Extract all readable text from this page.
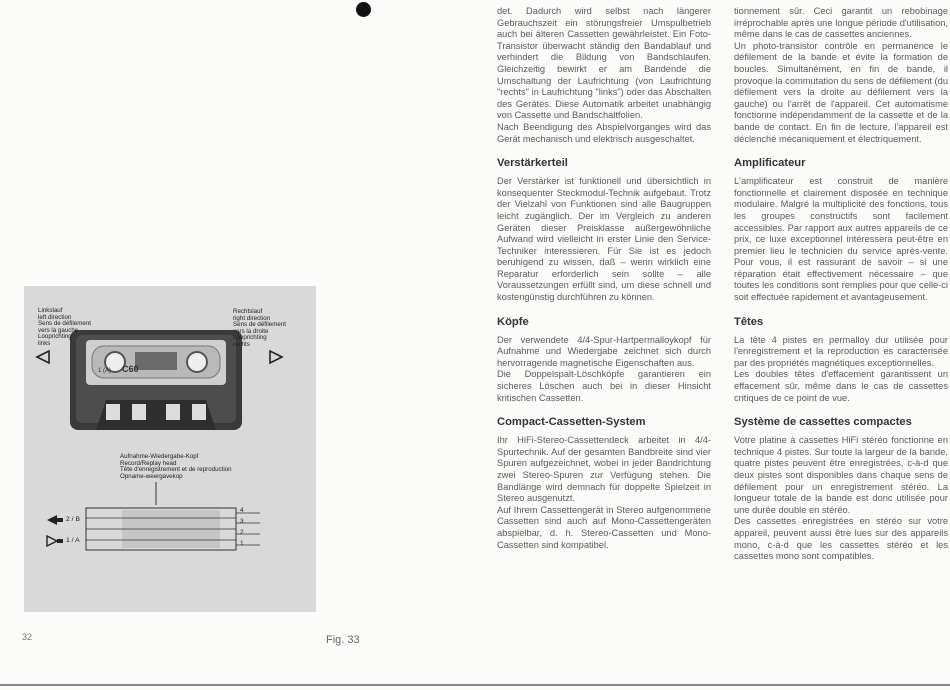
C60
1 (A)
Linkslauf
left direction
Sens de défilement
vers la gauche
Looprichting
links
Rechtslauf
right direction
Sens de défilement
vers la droite
Looprichting
rechts
Aufnahme-Wiedergabe-Kopf
Record/Replay head
Tête d'enregistrement et de reproduction
Opname-weergavekop
2 / B
1 / A
4
3
2
1
Fig. 33
32

det. Dadurch wird selbst nach längerer Gebrauchszeit ein störungsfreier Umspulbetrieb auch bei älteren Cassetten gewährleistet. Ein Foto-Transistor überwacht ständig den Bandablauf und verhindert die Bildung von Bandschlaufen. Gleichzeitig bewirkt er am Bandende die Umschaltung der Laufrichtung (von Laufrichtung "rechts" in Laufrichtung "links") oder das Abschalten des Gerätes. Diese Automatik arbeitet unabhängig von Cassette und Bandschaltfolien.

Nach Beendigung des Abspielvorganges wird das Gerät mechanisch und elektrisch ausgeschaltet.

Verstärkerteil

Der Verstärker ist funktionell und übersichtlich in konsequenter Steckmodul-Technik aufgebaut. Trotz der Vielzahl von Funktionen sind alle Baugruppen leicht zugänglich. Der im Vergleich zu anderen Geräten dieser Preisklasse außergewöhnliche Aufwand wird vielleicht in erster Linie den Service-Techniker interessieren. Für Sie ist es jedoch beruhigend zu wissen, daß – wenn wirklich eine Reparatur erforderlich sein sollte – alle Voraussetzungen erfüllt sind, um diese schnell und kostengünstig durchführen zu können.

Köpfe

Der verwendete 4/4-Spur-Hartpermalloykopf für Aufnahme und Wiedergabe zeichnet sich durch hervorragende magnetische Eigenschaften aus.

Die Doppelspalt-Löschköpfe garantieren ein sicheres Löschen auch bei in dieser Hinsicht kritischen Cassetten.

Compact-Cassetten-System

Ihr HiFi-Stereo-Cassettendeck arbeitet in 4/4-Spurtechnik. Auf der gesamten Bandbreite sind vier Spuren aufgezeichnet, wobei in jeder Bandrichtung zwei Stereo-Spuren zur Verfügung stehen. Die Bandlänge wird demnach für doppelte Spielzeit in Stereo ausgenutzt.

Auf Ihrem Cassettengerät in Stereo aufgenommene Cassetten sind auch auf Mono-Cassettengeräten abspielbar, d. h. Stereo-Cassetten und Mono-Cassetten sind kompatibel.

tionnement sûr. Ceci garantit un rebobinage irréprochable après une longue période d'utilisation, même dans le cas de cassettes anciennes.

Un photo-transistor contrôle en permanence le défilement de la bande et évite la formation de boucles. Simultanément, en fin de bande, il provoque la commutation du sens de défilement (du défilement vers la droite au défilement vers la gauche) ou l'arrêt de l'appareil. Cet automatisme fonctionne indépendamment de la cassette et de la bande de contact. En fin de lecture, l'appareil est déclenché mécaniquement et électriquement.

Amplificateur

L'amplificateur est construit de manière fonctionnelle et clairement disposée en technique modulaire. Malgré la multiplicité des fonctions, tous les groupes constructifs sont facilement accessibles. Par rapport aux autres appareils de ce prix, ce luxe exceptionnel intéressera peut-être en premier lieu le technicien du service après-vente. Pour vous, il est rassurant de savoir – si une réparation était effectivement nécessaire – que toutes les conditions sont remplies pour que celle-ci soit effectuée rapidement et avantageusement.

Têtes

La tête 4 pistes en permalloy dur utilisée pour l'enregistrement et la reproduction es caractérisée par des propriétés magnétiques exceptionnelles.

Les doubles têtes d'effacement garantissent un effacement sûr, même dans le cas de cassettes critiques de ce point de vue.

Système de cassettes compactes

Votre platine à cassettes HiFi stéréo fonctionne en technique 4 pistes. Sur toute la largeur de la bande, quatre pistes peuvent être enregistrées, c-à-d que deux pistes sont disponibles dans chaque sens de défilement pour un enregistrement stéréo. La longueur totale de la bande est donc utilisée pour une durée double en stéréo.

Des cassettes enregistrées en stéréo sur votre appareil, peuvent aussi être lues sur des appareils mono, c-à-d que les cassettes stéréo et les cassettes mono sont compatibles.
